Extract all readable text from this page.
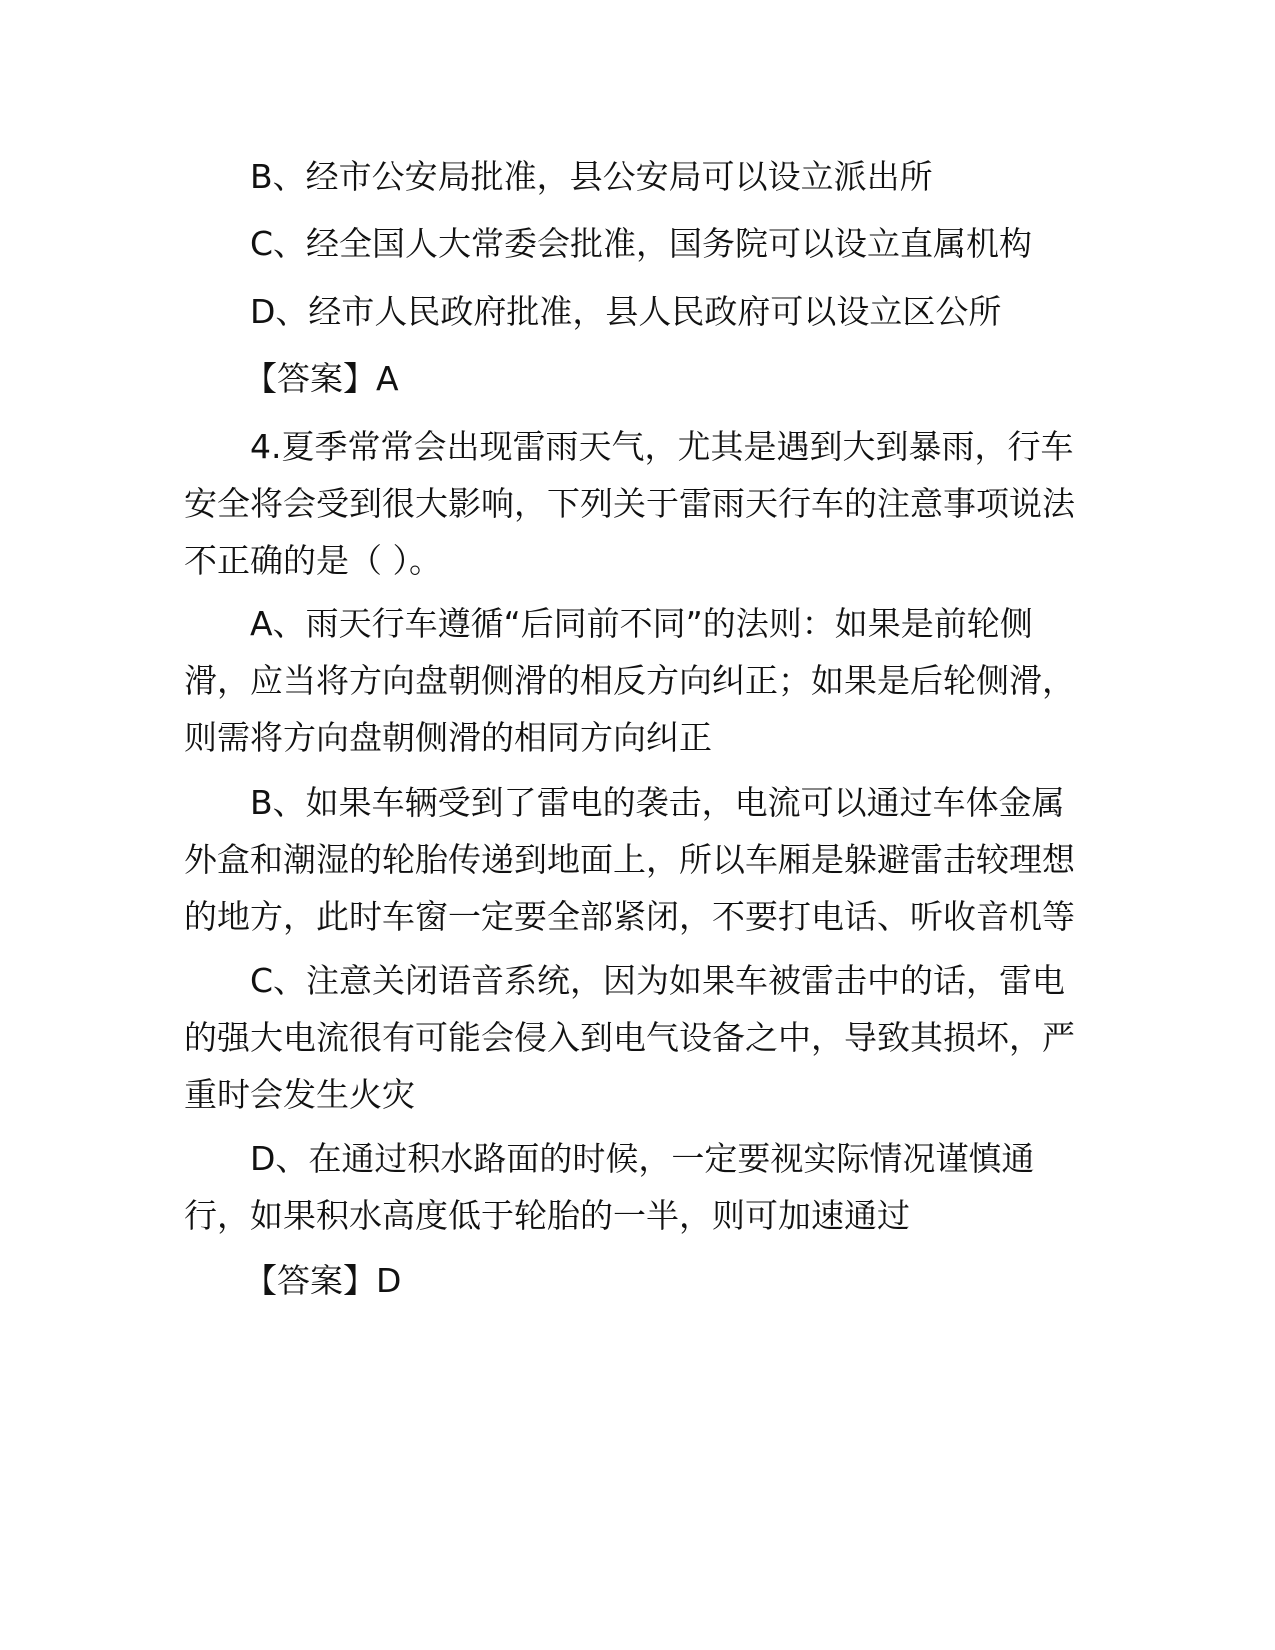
B、经市公安局批准，县公安局可以设立派出所

C、经全国人大常委会批准，国务院可以设立直属机构

D、经市人民政府批准，县人民政府可以设立区公所

【答案】A

4.夏季常常会出现雷雨天气，尤其是遇到大到暴雨，行车
安全将会受到很大影响，下列关于雷雨天行车的注意事项说法
不正确的是（ ）。

A、雨天行车遵循“后同前不同”的法则：如果是前轮侧
滑，应当将方向盘朝侧滑的相反方向纠正；如果是后轮侧滑，
则需将方向盘朝侧滑的相同方向纠正

B、如果车辆受到了雷电的袭击，电流可以通过车体金属
外盒和潮湿的轮胎传递到地面上，所以车厢是躲避雷击较理想
的地方，此时车窗一定要全部紧闭，不要打电话、听收音机等

C、注意关闭语音系统，因为如果车被雷击中的话，雷电
的强大电流很有可能会侵入到电气设备之中，导致其损坏，严
重时会发生火灾

D、在通过积水路面的时候，一定要视实际情况谨慎通
行，如果积水高度低于轮胎的一半，则可加速通过

【答案】D
